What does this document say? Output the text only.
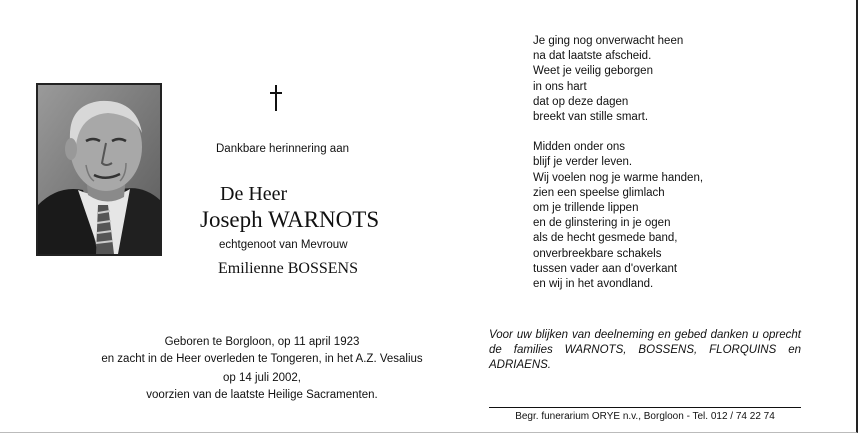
Dankbare herinnering aan
De Heer
Joseph WARNOTS
echtgenoot van Mevrouw
Emilienne BOSSENS
Geboren te Borgloon, op 11 april 1923
en zacht in de Heer overleden te Tongeren, in het A.Z. Vesalius
op 14 juli 2002,
voorzien van de laatste Heilige Sacramenten.
Je ging nog onverwacht heen
na dat laatste afscheid.
Weet je veilig geborgen
in ons hart
dat op deze dagen
breekt van stille smart.
Midden onder ons
blijf je verder leven.
Wij voelen nog je warme handen,
zien een speelse glimlach
om je trillende lippen
en de glinstering in je ogen
als de hecht gesmede band,
onverbreekbare schakels
tussen vader aan d'overkant
en wij in het avondland.
Voor uw blijken van deelneming en gebed danken u oprecht de families WARNOTS, BOSSENS, FLORQUINS en ADRIAENS.
Begr. funerarium ORYE n.v., Borgloon - Tel. 012 / 74 22 74
